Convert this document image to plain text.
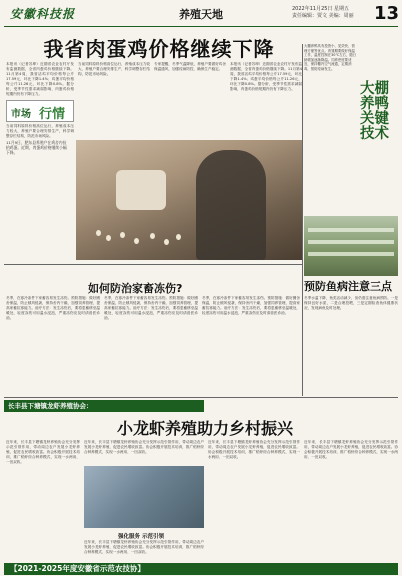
安徽科技报	养殖天地	2022年11月25日 星期五
责任编辑：贾文 美编：周丽	13
我省肉蛋鸡价格继续下降
本报讯（记者苏坤）近期省农业农村厅发布监测数据，全省肉蛋鸡价格继续下降。11月第4周，我省活鸡平均价格每公斤17.59元，环比下降1.4%；鸡蛋平均价格每公斤11.26元，环比下降0.8%。据分析，受季节性需求减弱影响，肉蛋鸡价格短期内仍有下降压力。
当前饲料原料价格高位运行，养殖成本压力较大，养殖户要合理安排生产，科学调整存栏结构，防范市场风险。
专家提醒，冬季气温降低，养殖户要做好鸡舍保温通风，加强疫病防控，确保生产稳定。
本报讯（记者苏坤）近期省农业农村厅发布监测数据，全省肉蛋鸡价格继续下降。11月第4周，我省活鸡平均价格每公斤17.59元，环比下降1.4%；鸡蛋平均价格每公斤11.26元，环比下降0.8%。据分析，受季节性需求减弱影响，肉蛋鸡价格短期内仍有下降压力。
市场 行情
当前饲料原料价格高位运行，养殖成本压力较大，养殖户要合理安排生产，科学调整存栏结构，防范市场风险。
11月9日，肥东县养殖户在鸡舍内捡拾鸡蛋。近期，肉蛋鸡价格继续小幅下降。
大棚养鸭具有投资小、见效快、管理方便等优点。育雏期要做好保温工作，温度控制在30℃左右，随日龄增加逐渐降温。饲养密度要适宜，保持棚内空气流通，定期消毒，预防疫病发生。
大棚养鸭关键技术
如何防治家畜冻伤?
冬季，在寒冷条件下家畜容易发生冻伤。预防措施：做好圈舍保温，防止贼风侵袭，保持舍内干燥，加强饲养管理，提高家畜抗寒能力。治疗方法：发生冻伤后，要将患畜移至温暖处，轻度冻伤可用温水浸泡，严重冻伤应及时请兽医诊治。
冬季，在寒冷条件下家畜容易发生冻伤。预防措施：做好圈舍保温，防止贼风侵袭，保持舍内干燥，加强饲养管理，提高家畜抗寒能力。治疗方法：发生冻伤后，要将患畜移至温暖处，轻度冻伤可用温水浸泡，严重冻伤应及时请兽医诊治。
冬季，在寒冷条件下家畜容易发生冻伤。预防措施：做好圈舍保温，防止贼风侵袭，保持舍内干燥，加强饲养管理，提高家畜抗寒能力。治疗方法：发生冻伤后，要将患畜移至温暖处，轻度冻伤可用温水浸泡，严重冻伤应及时请兽医诊治。
预防鱼病注意三点
冬季水温下降，鱼类活动减少，但仍需注意鱼病预防。一是保持良好水质，二是合理投喂，三是定期检查鱼体健康状况，发现病鱼及时处理。
长丰县下塘镇龙虾养殖协会：
小龙虾养殖助力乡村振兴
近年来，长丰县下塘镇龙虾养殖协会充分发挥示范引领作用，带动周边农户发展小龙虾养殖，促进农民增收致富。协会积极开展技术培训，推广稻虾综合种养模式，实现一水两用、一田双收。
近年来，长丰县下塘镇龙虾养殖协会充分发挥示范引领作用，带动周边农户发展小龙虾养殖，促进农民增收致富。协会积极开展技术培训，推广稻虾综合种养模式，实现一水两用、一田双收。
强化服务 示范引领
近年来，长丰县下塘镇龙虾养殖协会充分发挥示范引领作用，带动周边农户发展小龙虾养殖，促进农民增收致富。协会积极开展技术培训，推广稻虾综合种养模式，实现一水两用、一田双收。
近年来，长丰县下塘镇龙虾养殖协会充分发挥示范引领作用，带动周边农户发展小龙虾养殖，促进农民增收致富。协会积极开展技术培训，推广稻虾综合种养模式，实现一水两用、一田双收。
近年来，长丰县下塘镇龙虾养殖协会充分发挥示范引领作用，带动周边农户发展小龙虾养殖，促进农民增收致富。协会积极开展技术培训，推广稻虾综合种养模式，实现一水两用、一田双收。
【2021-2025年度安徽省示范农技协】
